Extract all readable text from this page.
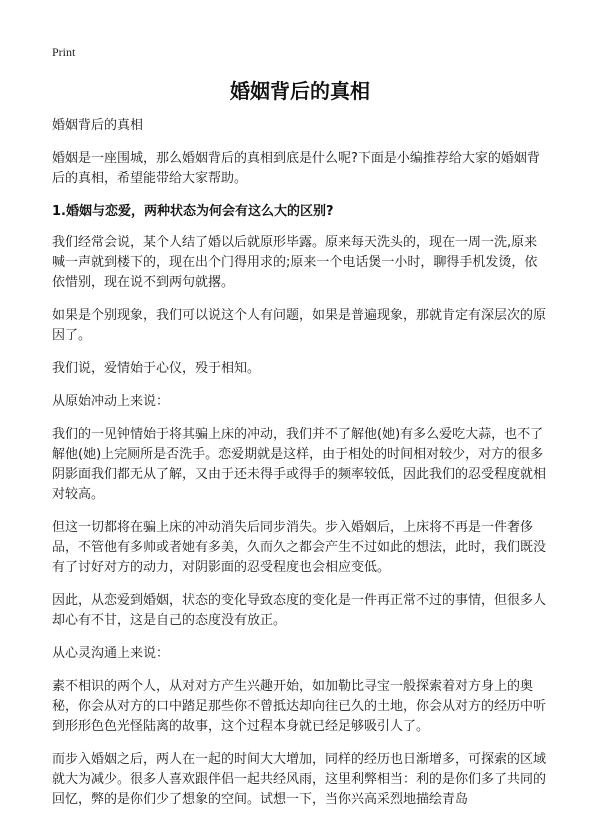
Print
婚姻背后的真相

婚姻背后的真相

婚姻是一座围城，那么婚姻背后的真相到底是什么呢?下面是小编推荐给大家的婚姻背后的真相，希望能带给大家帮助。

1.婚姻与恋爱，两种状态为何会有这么大的区别?

我们经常会说，某个人结了婚以后就原形毕露。原来每天洗头的，现在一周一洗,原来喊一声就到楼下的，现在出个门得用求的;原来一个电话煲一小时，聊得手机发烫，依依惜别，现在说不到两句就撂。

如果是个别现象，我们可以说这个人有问题，如果是普遍现象，那就肯定有深层次的原因了。

我们说，爱情始于心仪，殁于相知。

从原始冲动上来说：

我们的一见钟情始于将其骗上床的冲动，我们并不了解他(她)有多么爱吃大蒜，也不了解他(她)上完厕所是否洗手。恋爱期就是这样，由于相处的时间相对较少，对方的很多阴影面我们都无从了解，又由于还未得手或得手的频率较低，因此我们的忍受程度就相对较高。

但这一切都将在骗上床的冲动消失后同步消失。步入婚姻后，上床将不再是一件奢侈品，不管他有多帅或者她有多美，久而久之都会产生不过如此的想法，此时，我们既没有了讨好对方的动力，对阴影面的忍受程度也会相应变低。

因此，从恋爱到婚姻，状态的变化导致态度的变化是一件再正常不过的事情，但很多人却心有不甘，这是自己的态度没有放正。

从心灵沟通上来说：

素不相识的两个人，从对对方产生兴趣开始，如加勒比寻宝一般探索着对方身上的奥秘，你会从对方的口中踏足那些你不曾抵达却向往已久的土地，你会从对方的经历中听到形形色色光怪陆离的故事，这个过程本身就已经足够吸引人了。

而步入婚姻之后，两人在一起的时间大大增加，同样的经历也日渐增多，可探索的区域就大为减少。很多人喜欢跟伴侣一起共经风雨，这里利弊相当：利的是你们多了共同的回忆，弊的是你们少了想象的空间。试想一下，当你兴高采烈地描绘青岛
